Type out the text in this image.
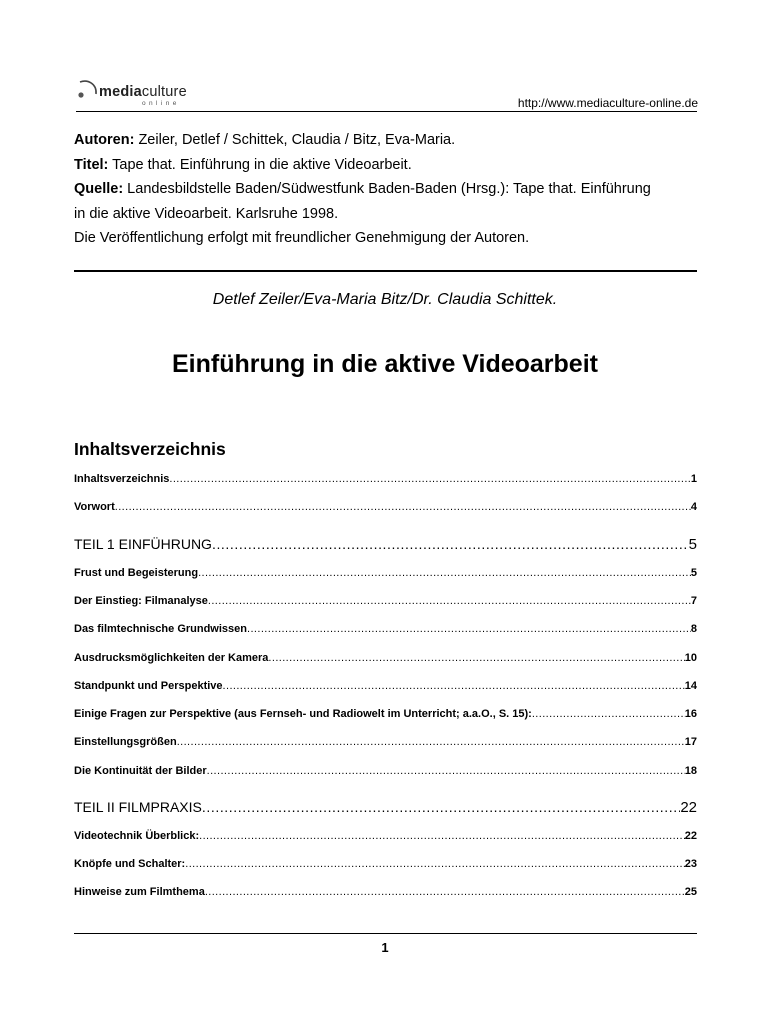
mediaculture
online	http://www.mediaculture-online.de

Autoren: Zeiler, Detlef / Schittek, Claudia / Bitz, Eva-Maria.

Titel: Tape that. Einführung in die aktive Videoarbeit.

Quelle: Landesbildstelle Baden/Südwestfunk Baden-Baden (Hrsg.): Tape that. Einführung

in die aktive Videoarbeit. Karlsruhe 1998.

Die Veröffentlichung erfolgt mit freundlicher Genehmigung der Autoren.

Detlef Zeiler/Eva-Maria Bitz/Dr. Claudia Schittek.
Einführung in die aktive Videoarbeit
Inhaltsverzeichnis
Inhaltsverzeichnis .....	1
Vorwort .....	4
TEIL 1 EINFÜHRUNG .....	5
Frust und Begeisterung .....	5
Der Einstieg: Filmanalyse .....	7
Das filmtechnische Grundwissen .....	8
Ausdrucksmöglichkeiten der Kamera .....	10
Standpunkt und Perspektive .....	14
Einige Fragen zur Perspektive (aus Fernseh- und Radiowelt im Unterricht; a.a.O., S. 15): .....	16
Einstellungsgrößen .....	17
Die Kontinuität der Bilder .....	18
TEIL II FILMPRAXIS .....	22
Videotechnik Überblick: .....	22
Knöpfe und Schalter: .....	23
Hinweise zum Filmthema .....	25
1
